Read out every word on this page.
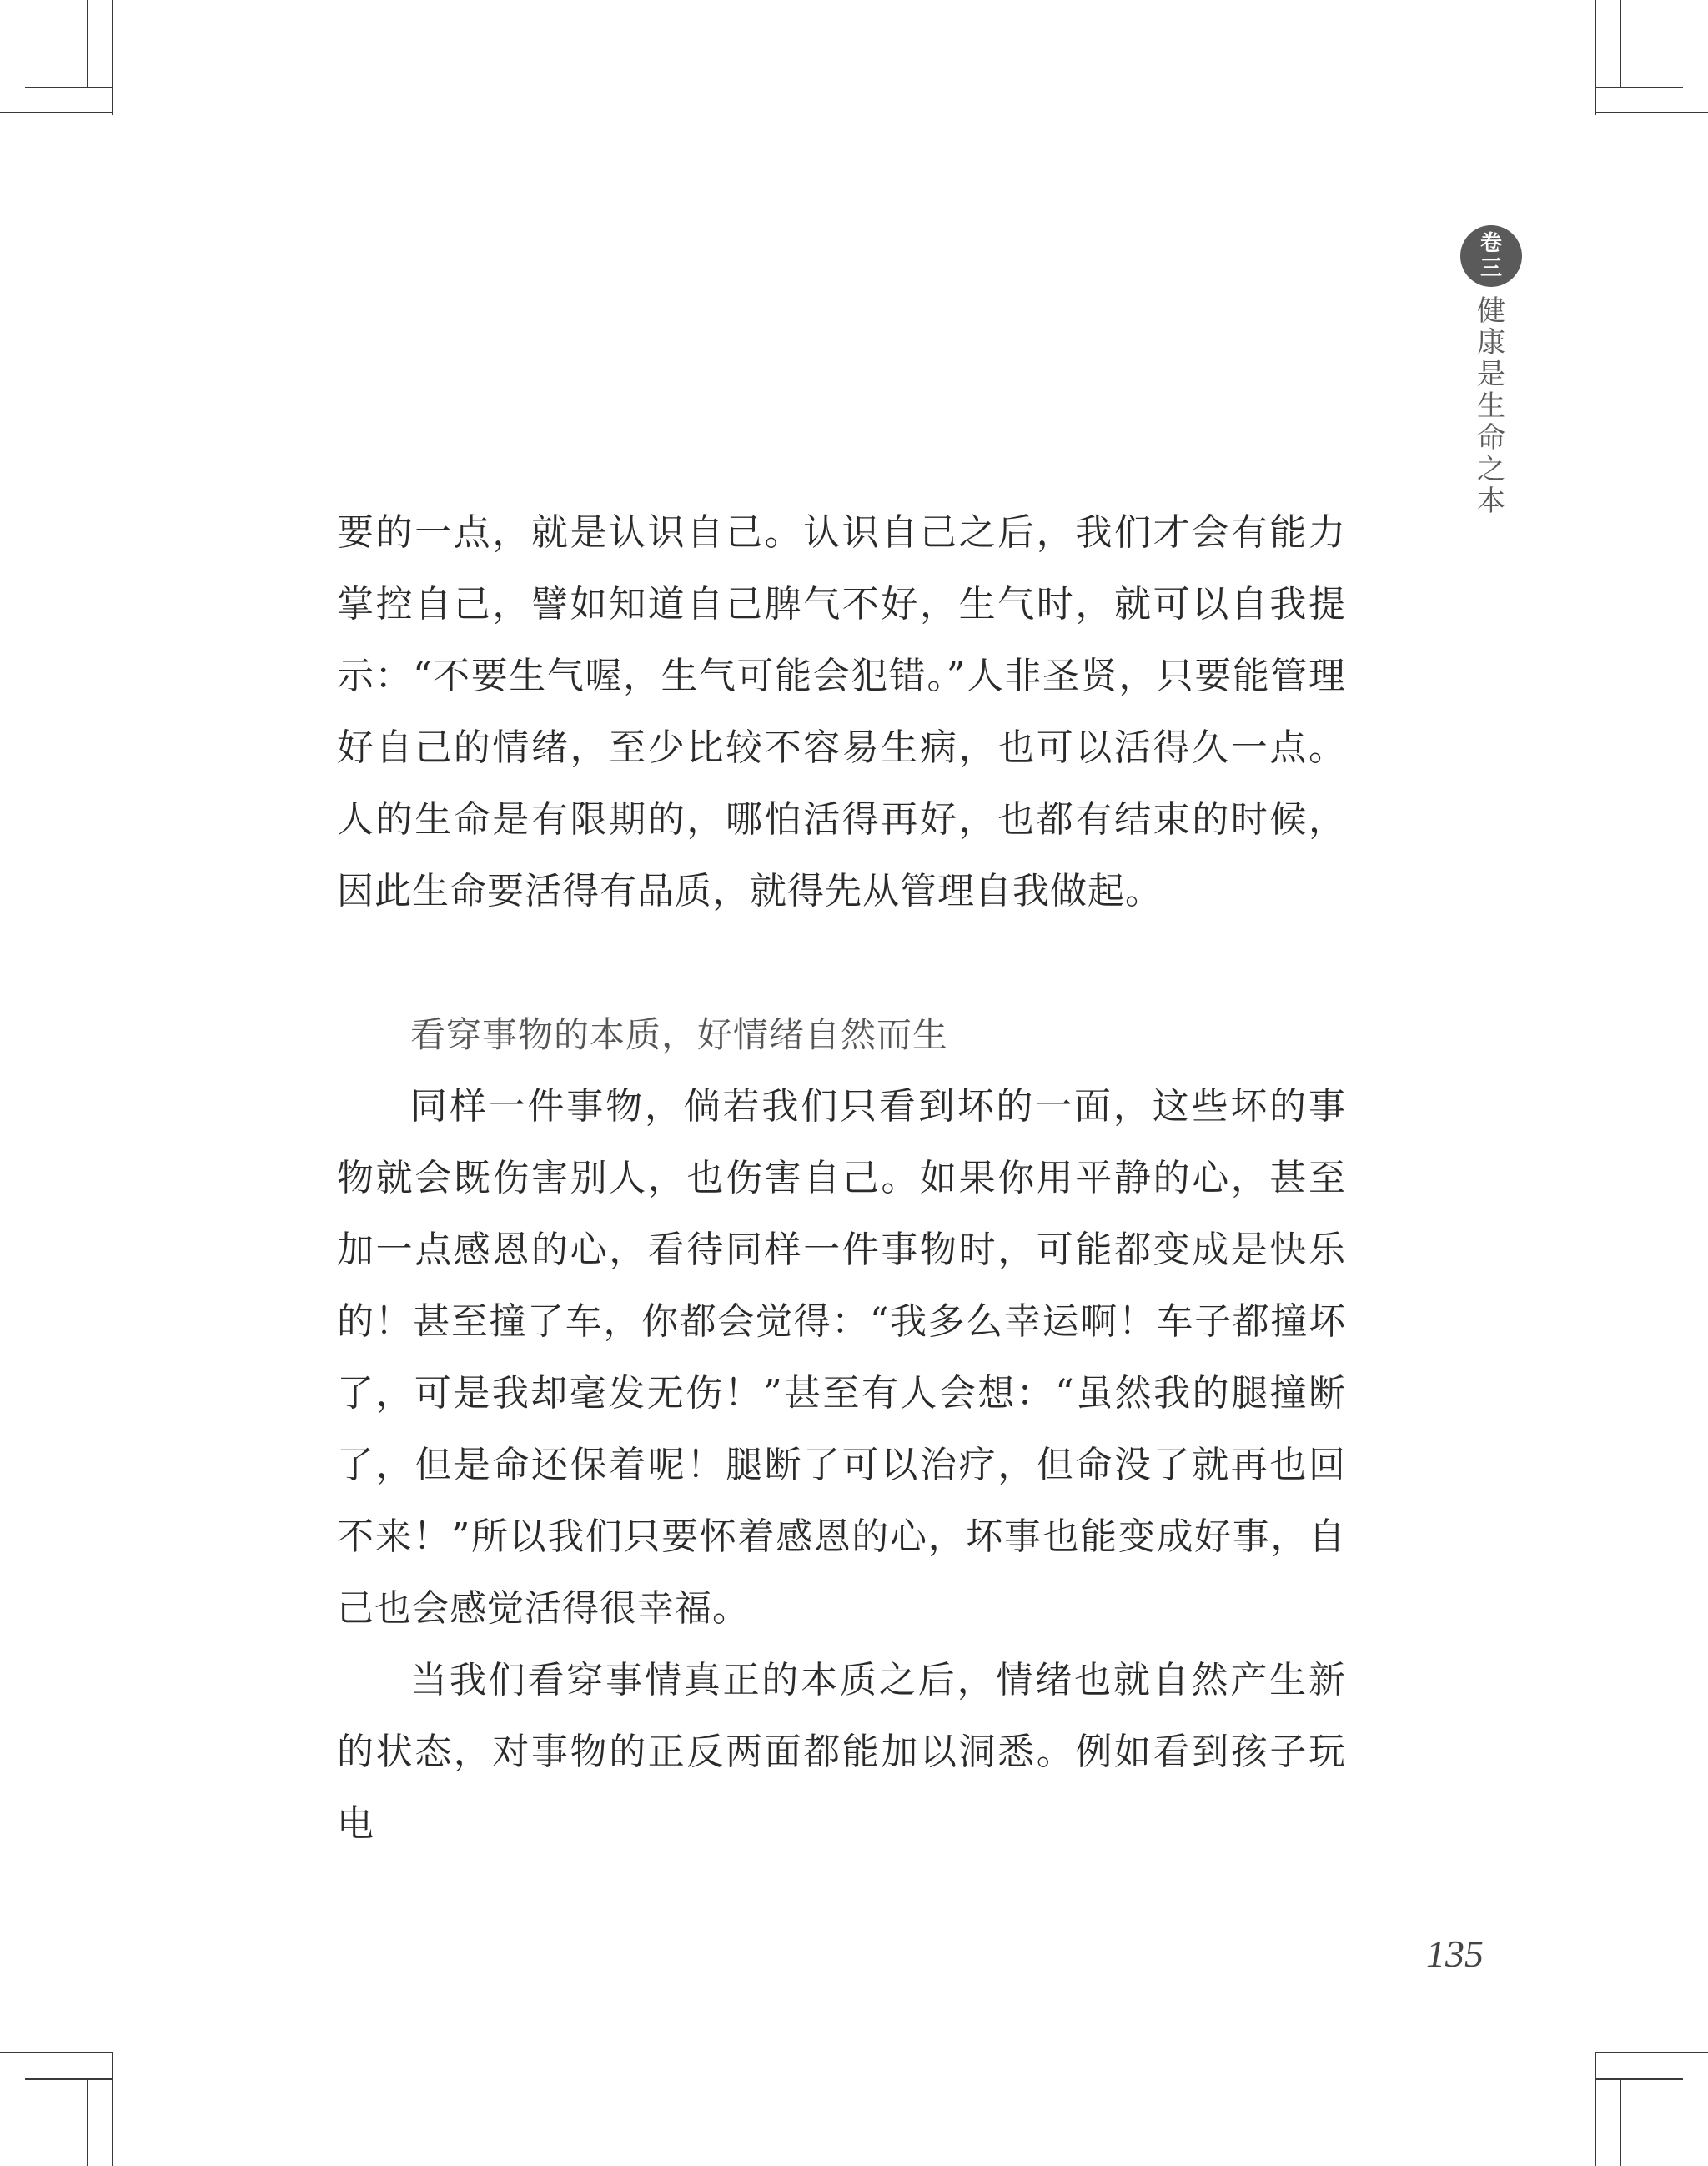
卷
三
健康是生命之本

要的一点，就是认识自己。认识自己之后，我们才会有能力掌控自己，譬如知道自己脾气不好，生气时，就可以自我提示：“不要生气喔，生气可能会犯错。”人非圣贤，只要能管理好自己的情绪，至少比较不容易生病，也可以活得久一点。人的生命是有限期的，哪怕活得再好，也都有结束的时候，因此生命要活得有品质，就得先从管理自我做起。

看穿事物的本质，好情绪自然而生

同样一件事物，倘若我们只看到坏的一面，这些坏的事物就会既伤害别人，也伤害自己。如果你用平静的心，甚至加一点感恩的心，看待同样一件事物时，可能都变成是快乐的！甚至撞了车，你都会觉得：“我多么幸运啊！车子都撞坏了，可是我却毫发无伤！”甚至有人会想：“虽然我的腿撞断了，但是命还保着呢！腿断了可以治疗，但命没了就再也回不来！”所以我们只要怀着感恩的心，坏事也能变成好事，自己也会感觉活得很幸福。

当我们看穿事情真正的本质之后，情绪也就自然产生新的状态，对事物的正反两面都能加以洞悉。例如看到孩子玩电

135
